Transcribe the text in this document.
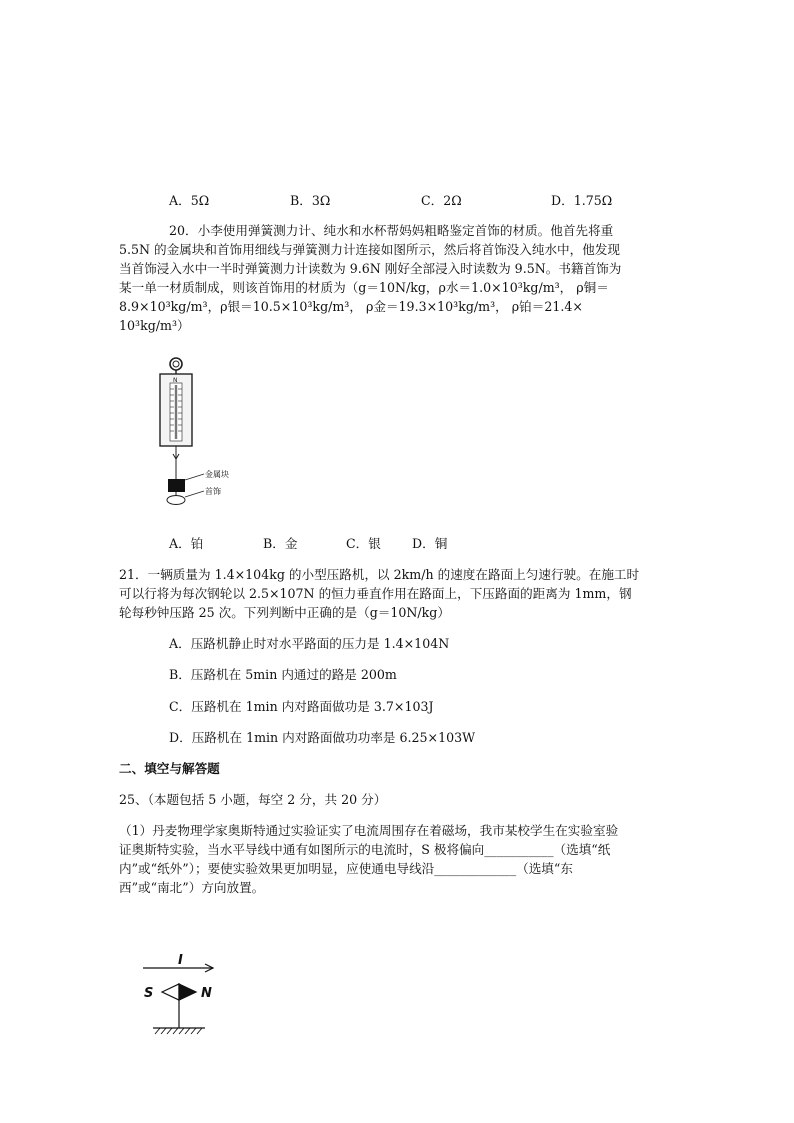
A．5Ω	B．3Ω	C．2Ω	D．1.75Ω
20．小李使用弹簧测力计、纯水和水杯帮妈妈粗略鉴定首饰的材质。他首先将重
5.5N 的金属块和首饰用细线与弹簧测力计连接如图所示，然后将首饰没入纯水中，他发现
当首饰浸入水中一半时弹簧测力计读数为 9.6N 刚好全部浸入时读数为 9.5N。书籍首饰为
某一单一材质制成，则该首饰用的材质为（g＝10N/kg，ρ水＝1.0×10³kg/m³， ρ铜＝
8.9×10³kg/m³，ρ银＝10.5×10³kg/m³， ρ金＝19.3×10³kg/m³， ρ铂＝21.4×
10³kg/m³）
N
金属块
首饰
A．铂	B．金	C．银 D．铜
21．一辆质量为 1.4×104kg 的小型压路机，以 2km/h 的速度在路面上匀速行驶。在施工时
可以行将为每次钢轮以 2.5×107N 的恒力垂直作用在路面上，下压路面的距离为 1mm，钢
轮每秒钟压路 25 次。下列判断中正确的是（g＝10N/kg）
A．压路机静止时对水平路面的压力是 1.4×104N
B．压路机在 5min 内通过的路是 200m
C．压路机在 1min 内对路面做功是 3.7×103J
D．压路机在 1min 内对路面做功功率是 6.25×103W
二、填空与解答题
25、（本题包括 5 小题，每空 2 分，共 20 分）
（1）丹麦物理学家奥斯特通过实验证实了电流周围存在着磁场，我市某校学生在实验室验
证奥斯特实验，当水平导线中通有如图所示的电流时，S 极将偏向___________（选填“纸
内”或“纸外”）；要使实验效果更加明显，应使通电导线沿_____________（选填“东
西”或“南北”）方向放置。
I
S	N
